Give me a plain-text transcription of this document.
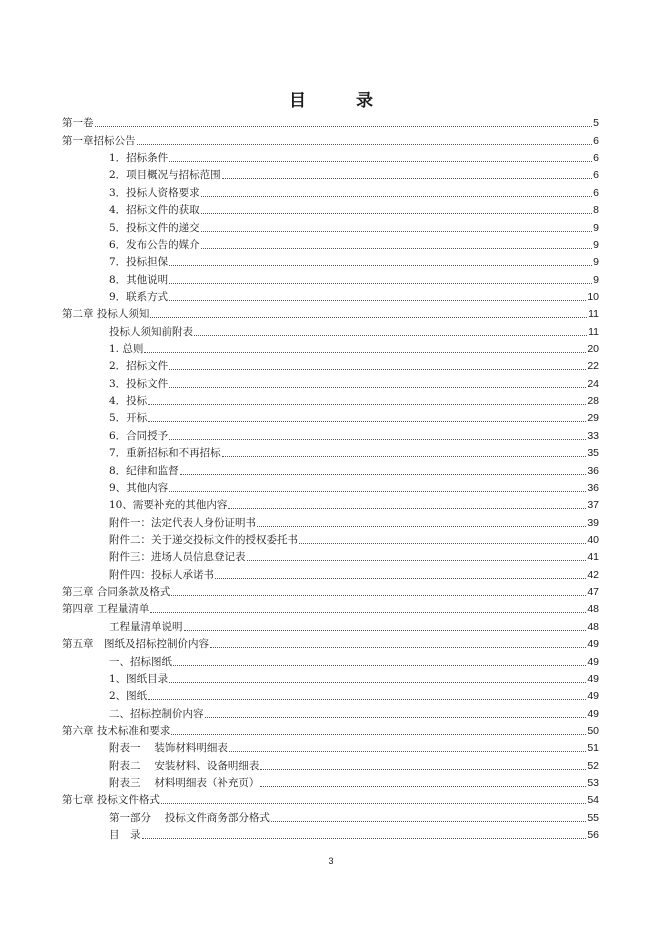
目 录
第一卷	5
第一章招标公告	6
1．招标条件	6
2．项目概况与招标范围	6
3．投标人资格要求	6
4．招标文件的获取	8
5．投标文件的递交	9
6．发布公告的媒介	9
7．投标担保	9
8．其他说明	9
9．联系方式	10
第二章 投标人须知	11
投标人须知前附表	11
1. 总则	20
2．招标文件	22
3．投标文件	24
4．投标	28
5．开标	29
6．合同授予	33
7．重新招标和不再招标	35
8．纪律和监督	36
9、其他内容	36
10、需要补充的其他内容	37
附件一：法定代表人身份证明书	39
附件二：关于递交投标文件的授权委托书	40
附件三：进场人员信息登记表	41
附件四：投标人承诺书	42
第三章 合同条款及格式	47
第四章 工程量清单	48
工程量清单说明	48
第五章　图纸及招标控制价内容	49
一、招标图纸	49
1、图纸目录	49
2、图纸	49
二、招标控制价内容	49
第六章 技术标准和要求	50
附表一　 装饰材料明细表	51
附表二　 安装材料、设备明细表	52
附表三　 材料明细表（补充页）	53
第七章 投标文件格式	54
第一部分　 投标文件商务部分格式	55
目　录	56
3
